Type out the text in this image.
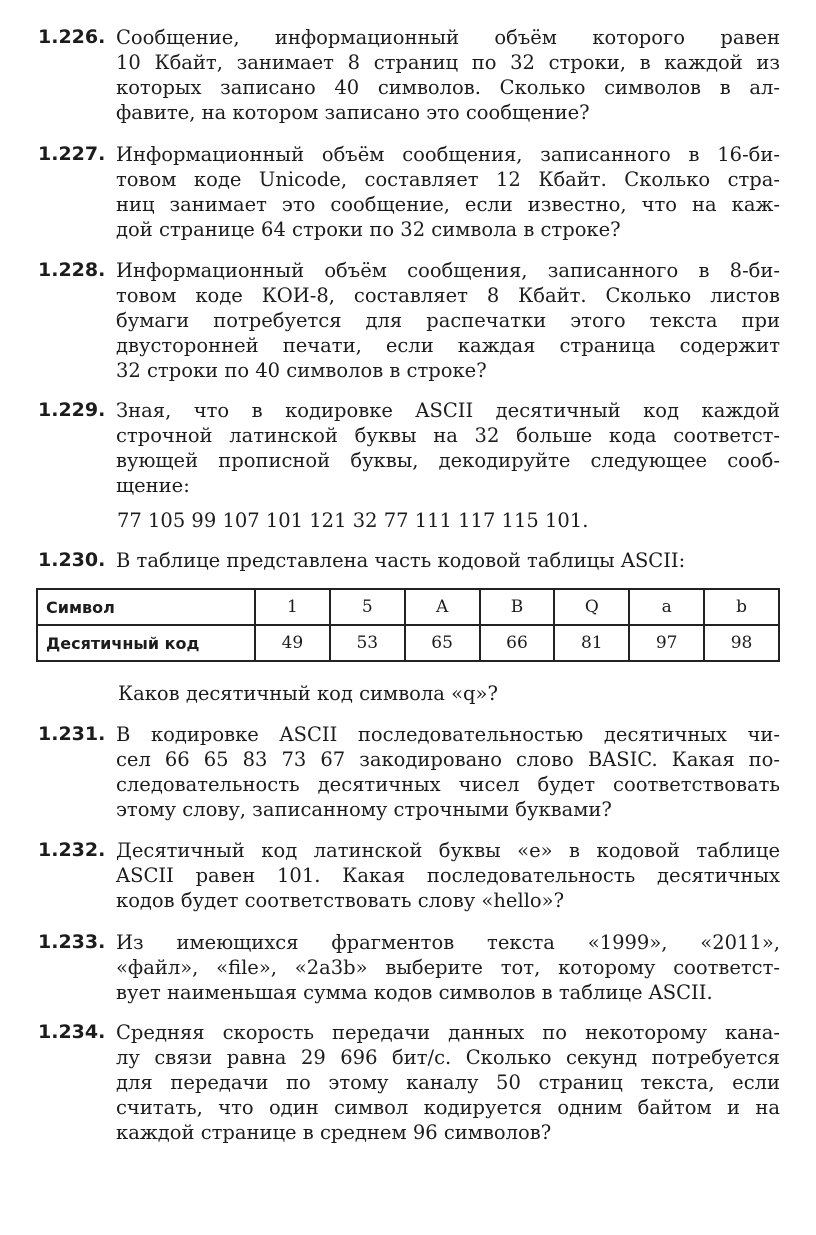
1.226. Сообщение, информационный объём которого равен
10 Кбайт, занимает 8 страниц по 32 строки, в каждой из
которых записано 40 символов. Сколько символов в ал-
фавите, на котором записано это сообщение?
1.227. Информационный объём сообщения, записанного в 16-би-
товом коде Unicode, составляет 12 Кбайт. Сколько стра-
ниц занимает это сообщение, если известно, что на каж-
дой странице 64 строки по 32 символа в строке?
1.228. Информационный объём сообщения, записанного в 8-би-
товом коде КОИ-8, составляет 8 Кбайт. Сколько листов
бумаги потребуется для распечатки этого текста при
двусторонней печати, если каждая страница содержит
32 строки по 40 символов в строке?
1.229. Зная, что в кодировке ASCII десятичный код каждой
строчной латинской буквы на 32 больше кода соответст-
вующей прописной буквы, декодируйте следующее сооб-
щение:
77 105 99 107 101 121 32 77 111 117 115 101.
1.230. В таблице представлена часть кодовой таблицы ASCII:
Символ	1	5	A	B	Q	a	b
Десятичный код	49	53	65	66	81	97	98
Каков десятичный код символа «q»?
1.231. В кодировке ASCII последовательностью десятичных чи-
сел 66 65 83 73 67 закодировано слово BASIC. Какая по-
следовательность десятичных чисел будет соответствовать
этому слову, записанному строчными буквами?
1.232. Десятичный код латинской буквы «е» в кодовой таблице
ASCII равен 101. Какая последовательность десятичных
кодов будет соответствовать слову «hello»?
1.233. Из имеющихся фрагментов текста «1999», «2011»,
«файл», «file», «2a3b» выберите тот, которому соответст-
вует наименьшая сумма кодов символов в таблице ASCII.
1.234. Средняя скорость передачи данных по некоторому кана-
лу связи равна 29 696 бит/с. Сколько секунд потребуется
для передачи по этому каналу 50 страниц текста, если
считать, что один символ кодируется одним байтом и на
каждой странице в среднем 96 символов?
